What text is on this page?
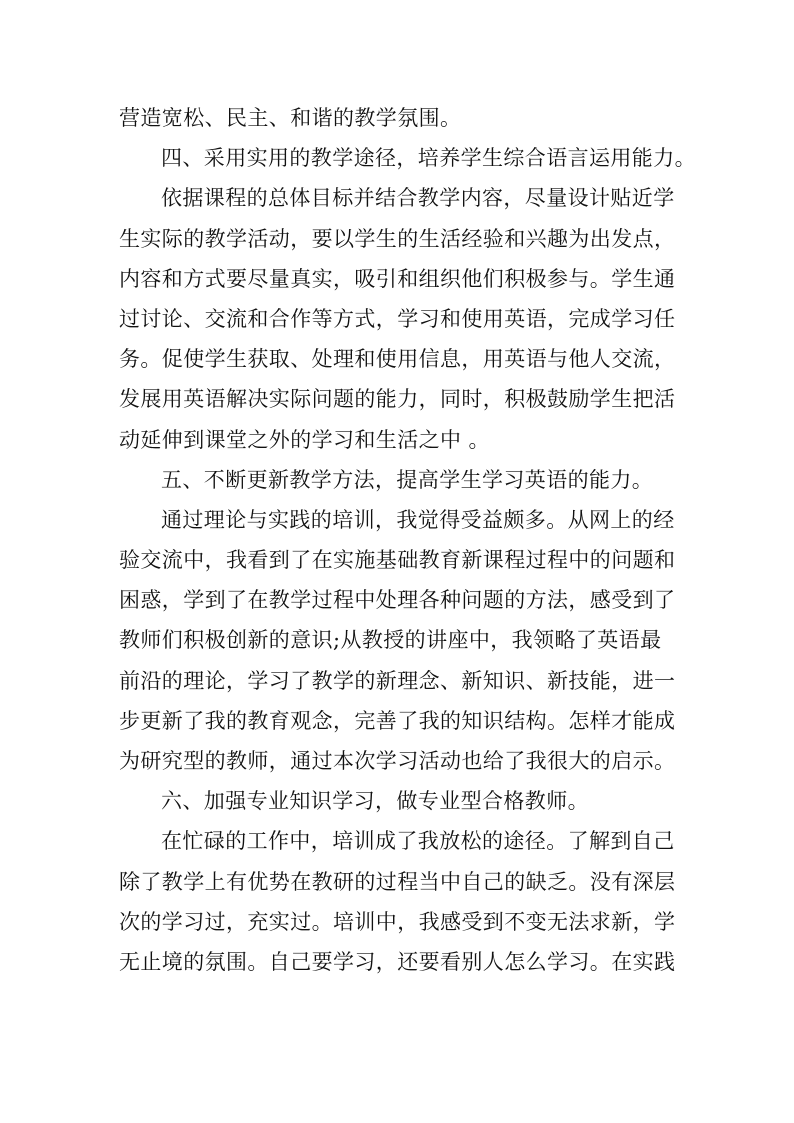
营造宽松、民主、和谐的教学氛围。
四、采用实用的教学途径，培养学生综合语言运用能力。
依据课程的总体目标并结合教学内容，尽量设计贴近学
生实际的教学活动，要以学生的生活经验和兴趣为出发点，
内容和方式要尽量真实，吸引和组织他们积极参与。学生通
过讨论、交流和合作等方式，学习和使用英语，完成学习任
务。促使学生获取、处理和使用信息，用英语与他人交流，
发展用英语解决实际问题的能力，同时，积极鼓励学生把活
动延伸到课堂之外的学习和生活之中 。
五、不断更新教学方法，提高学生学习英语的能力。
通过理论与实践的培训，我觉得受益颇多。从网上的经
验交流中，我看到了在实施基础教育新课程过程中的问题和
困惑，学到了在教学过程中处理各种问题的方法，感受到了
教师们积极创新的意识;从教授的讲座中，我领略了英语最
前沿的理论，学习了教学的新理念、新知识、新技能，进一
步更新了我的教育观念，完善了我的知识结构。怎样才能成
为研究型的教师，通过本次学习活动也给了我很大的启示。
六、加强专业知识学习，做专业型合格教师。
在忙碌的工作中，培训成了我放松的途径。了解到自己
除了教学上有优势在教研的过程当中自己的缺乏。没有深层
次的学习过，充实过。培训中，我感受到不变无法求新，学
无止境的氛围。自己要学习，还要看别人怎么学习。在实践
